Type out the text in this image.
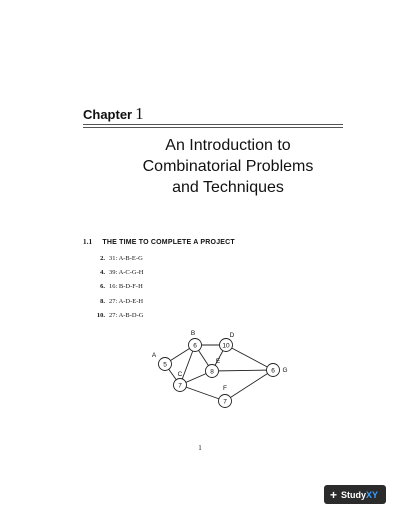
Chapter 1
An Introduction to
Combinatorial Problems
and Techniques
1.1 THE TIME TO COMPLETE A PROJECT
2. 31: A-B-E-G
4. 39: A-C-G-H
6. 16: B-D-F-H
8. 27: A-D-E-H
10. 27: A-B-D-G
5
A
6
B
7
C
10
D
8
E
7
F
6 G
1
+ Study XY
